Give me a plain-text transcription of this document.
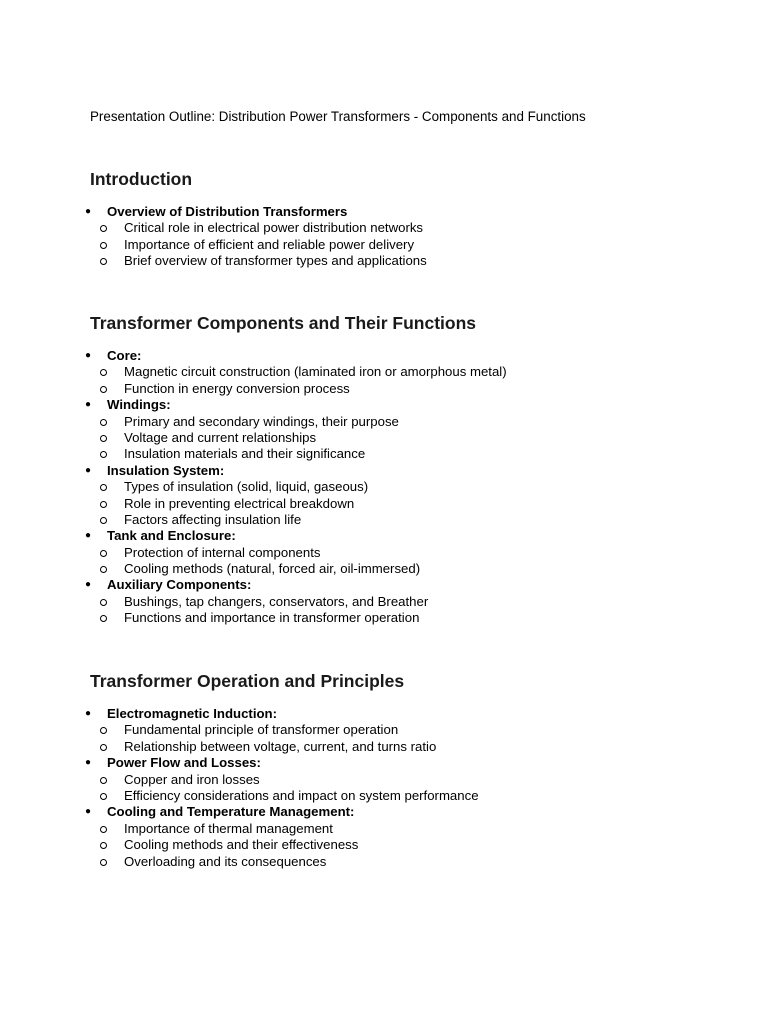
Presentation Outline: Distribution Power Transformers - Components and Functions
Introduction
● Overview of Distribution Transformers
Critical role in electrical power distribution networks
Importance of efficient and reliable power delivery
Brief overview of transformer types and applications
Transformer Components and Their Functions
● Core:
Magnetic circuit construction (laminated iron or amorphous metal)
Function in energy conversion process
● Windings:
Primary and secondary windings, their purpose
Voltage and current relationships
Insulation materials and their significance
● Insulation System:
Types of insulation (solid, liquid, gaseous)
Role in preventing electrical breakdown
Factors affecting insulation life
● Tank and Enclosure:
Protection of internal components
Cooling methods (natural, forced air, oil-immersed)
● Auxiliary Components:
Bushings, tap changers, conservators, and Breather
Functions and importance in transformer operation
Transformer Operation and Principles
● Electromagnetic Induction:
Fundamental principle of transformer operation
Relationship between voltage, current, and turns ratio
● Power Flow and Losses:
Copper and iron losses
Efficiency considerations and impact on system performance
● Cooling and Temperature Management:
Importance of thermal management
Cooling methods and their effectiveness
Overloading and its consequences
